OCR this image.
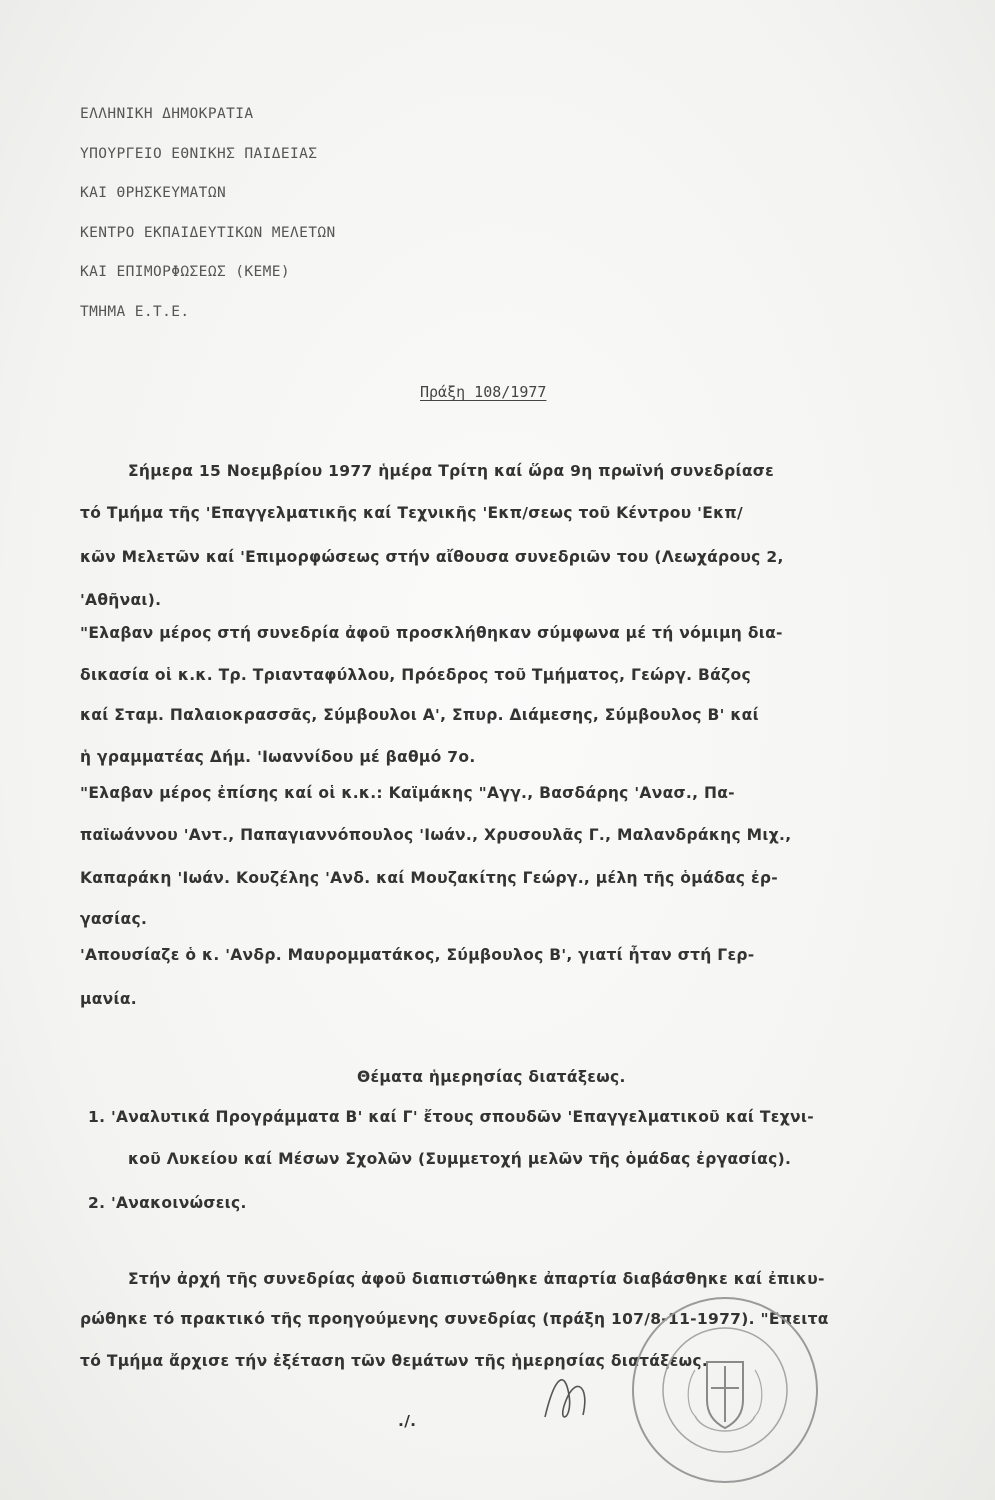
ΕΛΛΗΝΙΚΗ ΔΗΜΟΚΡΑΤΙΑ
ΥΠΟΥΡΓΕΙΟ ΕΘΝΙΚΗΣ ΠΑΙΔΕΙΑΣ
ΚΑΙ ΘΡΗΣΚΕΥΜΑΤΩΝ
ΚΕΝΤΡΟ ΕΚΠΑΙΔΕΥΤΙΚΩΝ ΜΕΛΕΤΩΝ
ΚΑΙ ΕΠΙΜΟΡΦΩΣΕΩΣ (ΚΕΜΕ)
ΤΜΗΜΑ Ε.Τ.Ε.
Πράξη 108/1977
Σήμερα 15 Νοεμβρίου 1977 ἡμέρα Τρίτη καί ὥρα 9η πρωϊνή συνεδρίασε
τό Τμήμα τῆς 'Επαγγελματικῆς καί Τεχνικῆς 'Εκπ/σεως τοῦ Κέντρου 'Εκπ/
κῶν Μελετῶν καί 'Επιμορφώσεως στήν αἴθουσα συνεδριῶν του (Λεωχάρους 2,
'Αθῆναι).
"Ελαβαν μέρος στή συνεδρία ἀφοῦ προσκλήθηκαν σύμφωνα μέ τή νόμιμη δια-
δικασία οἱ κ.κ. Τρ. Τριανταφύλλου, Πρόεδρος τοῦ Τμήματος, Γεώργ. Βάζος
καί Σταμ. Παλαιοκρασσᾶς, Σύμβουλοι Α', Σπυρ. Διάμεσης, Σύμβουλος Β' καί
ἡ γραμματέας Δήμ. 'Ιωαννίδου μέ βαθμό 7ο.
"Ελαβαν μέρος ἐπίσης καί οἱ κ.κ.: Καϊμάκης "Αγγ., Βασδάρης 'Ανασ., Πα-
παϊωάννου 'Αντ., Παπαγιαννόπουλος 'Ιωάν., Χρυσουλᾶς Γ., Μαλανδράκης Μιχ.,
Καπαράκη 'Ιωάν. Κουζέλης 'Ανδ. καί Μουζακίτης Γεώργ., μέλη τῆς ὁμάδας ἐρ-
γασίας.
'Απουσίαζε ὁ κ. 'Ανδρ. Μαυρομματάκος, Σύμβουλος Β', γιατί ἦταν στή Γερ-
μανία.
Θέματα ἡμερησίας διατάξεως.
1. 'Αναλυτικά Προγράμματα Β' καί Γ' ἔτους σπουδῶν 'Επαγγελματικοῦ καί Τεχνι-
κοῦ Λυκείου καί Μέσων Σχολῶν (Συμμετοχή μελῶν τῆς ὁμάδας ἐργασίας).
2. 'Ανακοινώσεις.
Στήν ἀρχή τῆς συνεδρίας ἀφοῦ διαπιστώθηκε ἀπαρτία διαβάσθηκε καί ἐπικυ-
ρώθηκε τό πρακτικό τῆς προηγούμενης συνεδρίας (πράξη 107/8-11-1977). "Επειτα
τό Τμήμα ἄρχισε τήν ἐξέταση τῶν θεμάτων τῆς ἡμερησίας διατάξεως.
./.
